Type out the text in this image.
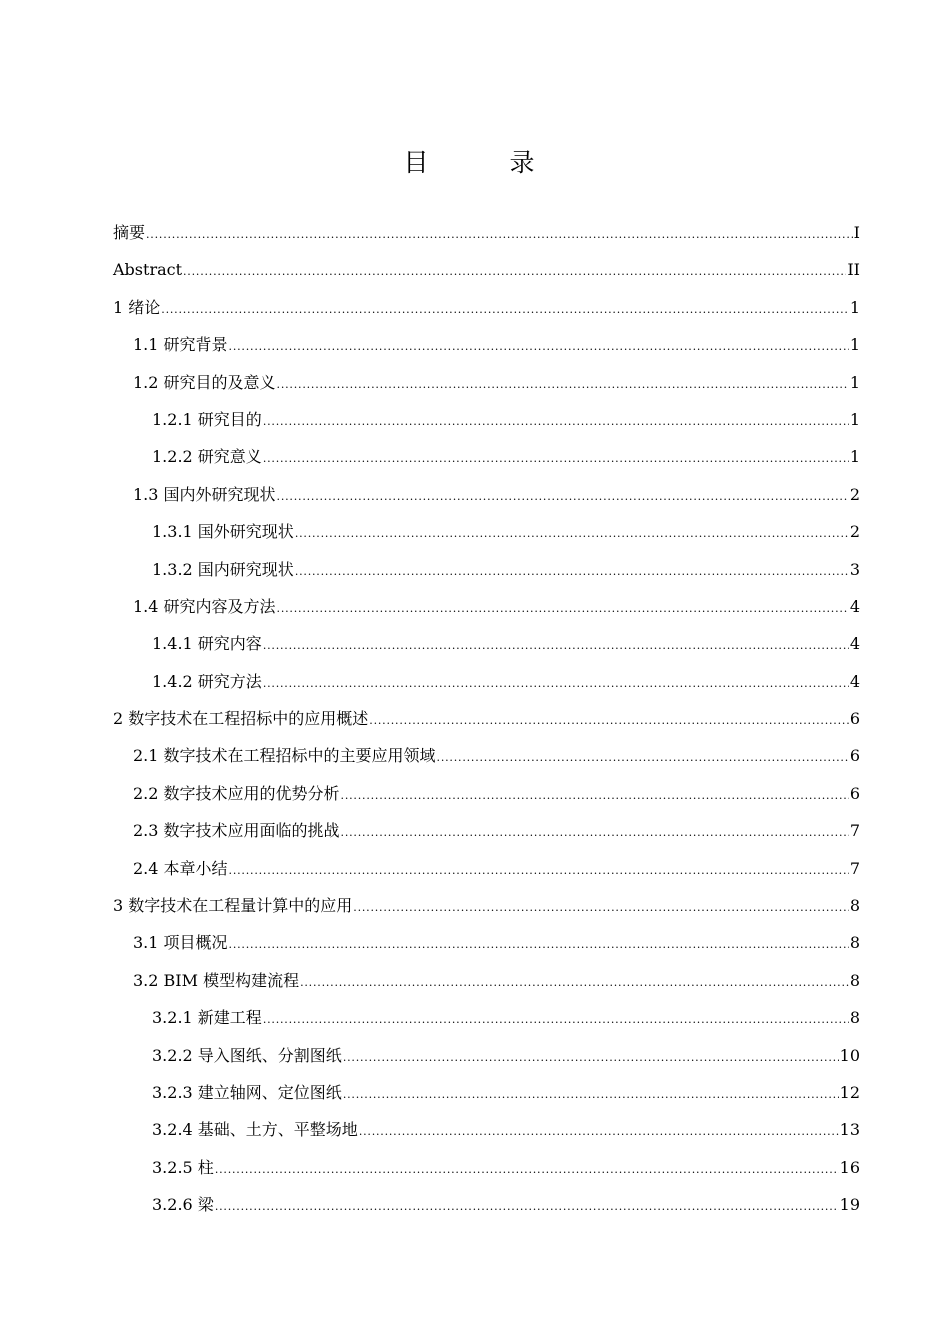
目　录
摘要 .....	I
Abstract .....	II
1 绪论 .....	1
1.1 研究背景 .....	1
1.2 研究目的及意义 .....	1
1.2.1 研究目的 .....	1
1.2.2 研究意义 .....	1
1.3 国内外研究现状 .....	2
1.3.1 国外研究现状 .....	2
1.3.2 国内研究现状 .....	3
1.4 研究内容及方法 .....	4
1.4.1 研究内容 .....	4
1.4.2 研究方法 .....	4
2 数字技术在工程招标中的应用概述 .....	6
2.1 数字技术在工程招标中的主要应用领域 .....	6
2.2 数字技术应用的优势分析 .....	6
2.3 数字技术应用面临的挑战 .....	7
2.4 本章小结 .....	7
3 数字技术在工程量计算中的应用 .....	8
3.1 项目概况 .....	8
3.2 BIM 模型构建流程 .....	8
3.2.1 新建工程 .....	8
3.2.2 导入图纸、分割图纸 .....	10
3.2.3 建立轴网、定位图纸 .....	12
3.2.4 基础、土方、平整场地 .....	13
3.2.5 柱 .....	16
3.2.6 梁 .....	19
